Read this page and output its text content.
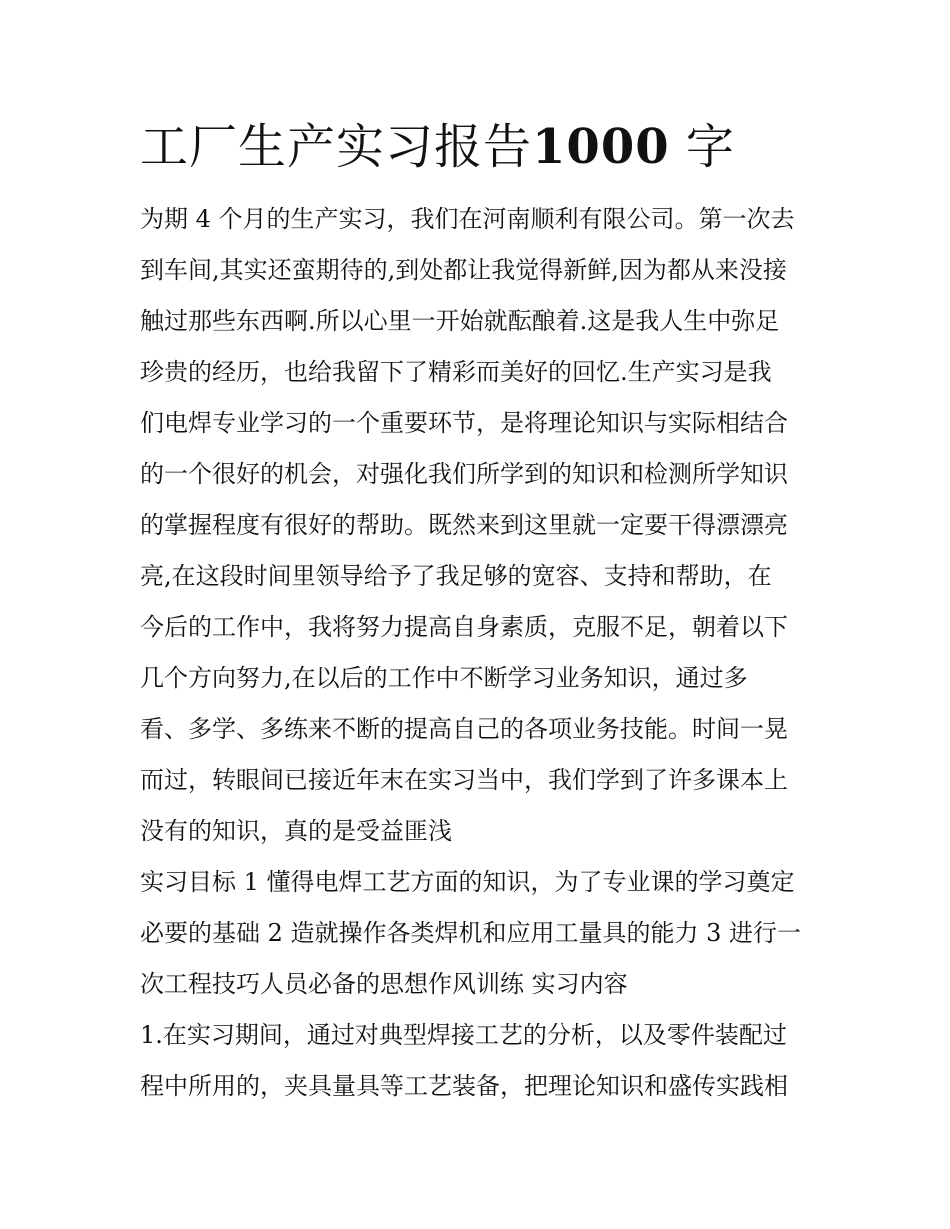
工厂生产实习报告1000 字

为期 4 个月的生产实习，我们在河南顺利有限公司。第一次去

到车间,其实还蛮期待的,到处都让我觉得新鲜,因为都从来没接

触过那些东西啊.所以心里一开始就酝酿着.这是我人生中弥足

珍贵的经历，也给我留下了精彩而美好的回忆.生产实习是我

们电焊专业学习的一个重要环节，是将理论知识与实际相结合

的一个很好的机会，对强化我们所学到的知识和检测所学知识

的掌握程度有很好的帮助。既然来到这里就一定要干得漂漂亮

亮,在这段时间里领导给予了我足够的宽容、支持和帮助，在

今后的工作中，我将努力提高自身素质，克服不足，朝着以下

几个方向努力,在以后的工作中不断学习业务知识，通过多

看、多学、多练来不断的提高自己的各项业务技能。时间一晃

而过，转眼间已接近年末在实习当中，我们学到了许多课本上

没有的知识，真的是受益匪浅

实习目标 1 懂得电焊工艺方面的知识，为了专业课的学习奠定

必要的基础 2 造就操作各类焊机和应用工量具的能力 3 进行一

次工程技巧人员必备的思想作风训练 实习内容

1.在实习期间，通过对典型焊接工艺的分析，以及零件装配过

程中所用的，夹具量具等工艺装备，把理论知识和盛传实践相
